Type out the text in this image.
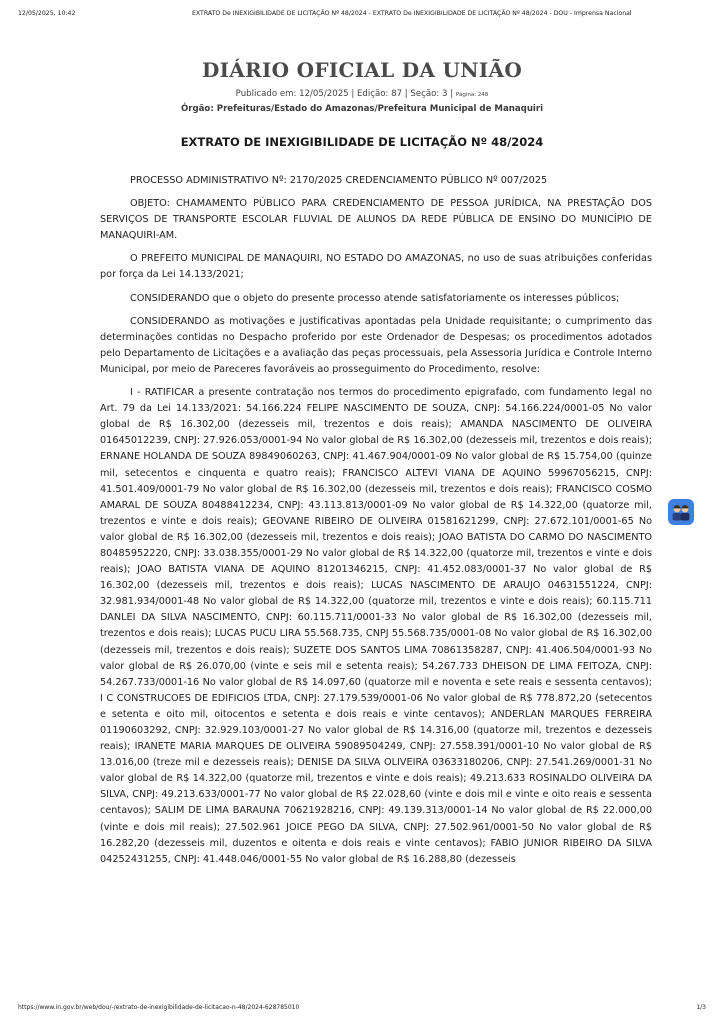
12/05/2025, 10:42	EXTRATO De INEXIGIBILIDADE DE LICITAÇÃO Nº 48/2024 - EXTRATO De INEXIGIBILIDADE DE LICITAÇÃO Nº 48/2024 - DOU - Imprensa Nacional
DIÁRIO OFICIAL DA UNIÃO
Publicado em: 12/05/2025 | Edição: 87 | Seção: 3 | Página: 248
Órgão: Prefeituras/Estado do Amazonas/Prefeitura Municipal de Manaquiri
EXTRATO DE INEXIGIBILIDADE DE LICITAÇÃO Nº 48/2024

PROCESSO ADMINISTRATIVO Nº: 2170/2025 CREDENCIAMENTO PÚBLICO Nº 007/2025

OBJETO: CHAMAMENTO PÚBLICO PARA CREDENCIAMENTO DE PESSOA JURÍDICA, NA PRESTAÇÃO DOS SERVIÇOS DE TRANSPORTE ESCOLAR FLUVIAL DE ALUNOS DA REDE PÚBLICA DE ENSINO DO MUNICÍPIO DE MANAQUIRI-AM.

O PREFEITO MUNICIPAL DE MANAQUIRI, NO ESTADO DO AMAZONAS, no uso de suas atribuições conferidas por força da Lei 14.133/2021;

CONSIDERANDO que o objeto do presente processo atende satisfatoriamente os interesses públicos;

CONSIDERANDO as motivações e justificativas apontadas pela Unidade requisitante; o cumprimento das determinações contidas no Despacho proferido por este Ordenador de Despesas; os procedimentos adotados pelo Departamento de Licitações e a avaliação das peças processuais, pela Assessoria Jurídica e Controle Interno Municipal, por meio de Pareceres favoráveis ao prosseguimento do Procedimento, resolve:

I - RATIFICAR a presente contratação nos termos do procedimento epigrafado, com fundamento legal no Art. 79 da Lei 14.133/2021: 54.166.224 FELIPE NASCIMENTO DE SOUZA, CNPJ: 54.166.224/0001-05 No valor global de R$ 16.302,00 (dezesseis mil, trezentos e dois reais); AMANDA NASCIMENTO DE OLIVEIRA 01645012239, CNPJ: 27.926.053/0001-94 No valor global de R$ 16.302,00 (dezesseis mil, trezentos e dois reais); ERNANE HOLANDA DE SOUZA 89849060263, CNPJ: 41.467.904/0001-09 No valor global de R$ 15.754,00 (quinze mil, setecentos e cinquenta e quatro reais); FRANCISCO ALTEVI VIANA DE AQUINO 59967056215, CNPJ: 41.501.409/0001-79 No valor global de R$ 16.302,00 (dezesseis mil, trezentos e dois reais); FRANCISCO COSMO AMARAL DE SOUZA 80488412234, CNPJ: 43.113.813/0001-09 No valor global de R$ 14.322,00 (quatorze mil, trezentos e vinte e dois reais); GEOVANE RIBEIRO DE OLIVEIRA 01581621299, CNPJ: 27.672.101/0001-65 No valor global de R$ 16.302,00 (dezesseis mil, trezentos e dois reais); JOAO BATISTA DO CARMO DO NASCIMENTO 80485952220, CNPJ: 33.038.355/0001-29 No valor global de R$ 14.322,00 (quatorze mil, trezentos e vinte e dois reais); JOAO BATISTA VIANA DE AQUINO 81201346215, CNPJ: 41.452.083/0001-37 No valor global de R$ 16.302,00 (dezesseis mil, trezentos e dois reais); LUCAS NASCIMENTO DE ARAUJO 04631551224, CNPJ: 32.981.934/0001-48 No valor global de R$ 14.322,00 (quatorze mil, trezentos e vinte e dois reais); 60.115.711 DANLEI DA SILVA NASCIMENTO, CNPJ: 60.115.711/0001-33 No valor global de R$ 16.302,00 (dezesseis mil, trezentos e dois reais); LUCAS PUCU LIRA 55.568.735, CNPJ 55.568.735/0001-08 No valor global de R$ 16.302,00 (dezesseis mil, trezentos e dois reais); SUZETE DOS SANTOS LIMA 70861358287, CNPJ: 41.406.504/0001-93 No valor global de R$ 26.070,00 (vinte e seis mil e setenta reais); 54.267.733 DHEISON DE LIMA FEITOZA, CNPJ: 54.267.733/0001-16 No valor global de R$ 14.097,60 (quatorze mil e noventa e sete reais e sessenta centavos); I C CONSTRUCOES DE EDIFICIOS LTDA, CNPJ: 27.179.539/0001-06 No valor global de R$ 778.872,20 (setecentos e setenta e oito mil, oitocentos e setenta e dois reais e vinte centavos); ANDERLAN MARQUES FERREIRA 01190603292, CNPJ: 32.929.103/0001-27 No valor global de R$ 14.316,00 (quatorze mil, trezentos e dezesseis reais); IRANETE MARIA MARQUES DE OLIVEIRA 59089504249, CNPJ: 27.558.391/0001-10 No valor global de R$ 13.016,00 (treze mil e dezesseis reais); DENISE DA SILVA OLIVEIRA 03633180206, CNPJ: 27.541.269/0001-31 No valor global de R$ 14.322,00 (quatorze mil, trezentos e vinte e dois reais); 49.213.633 ROSINALDO OLIVEIRA DA SILVA, CNPJ: 49.213.633/0001-77 No valor global de R$ 22.028,60 (vinte e dois mil e vinte e oito reais e sessenta centavos); SALIM DE LIMA BARAUNA 70621928216, CNPJ: 49.139.313/0001-14 No valor global de R$ 22.000,00 (vinte e dois mil reais); 27.502.961 JOICE PEGO DA SILVA, CNPJ: 27.502.961/0001-50 No valor global de R$ 16.282,20 (dezesseis mil, duzentos e oitenta e dois reais e vinte centavos); FABIO JUNIOR RIBEIRO DA SILVA 04252431255, CNPJ: 41.448.046/0001-55 No valor global de R$ 16.288,80 (dezesseis

https://www.in.gov.br/web/dou/-/extrato-de-inexigibilidade-de-licitacao-n-48/2024-628785010	1/3
